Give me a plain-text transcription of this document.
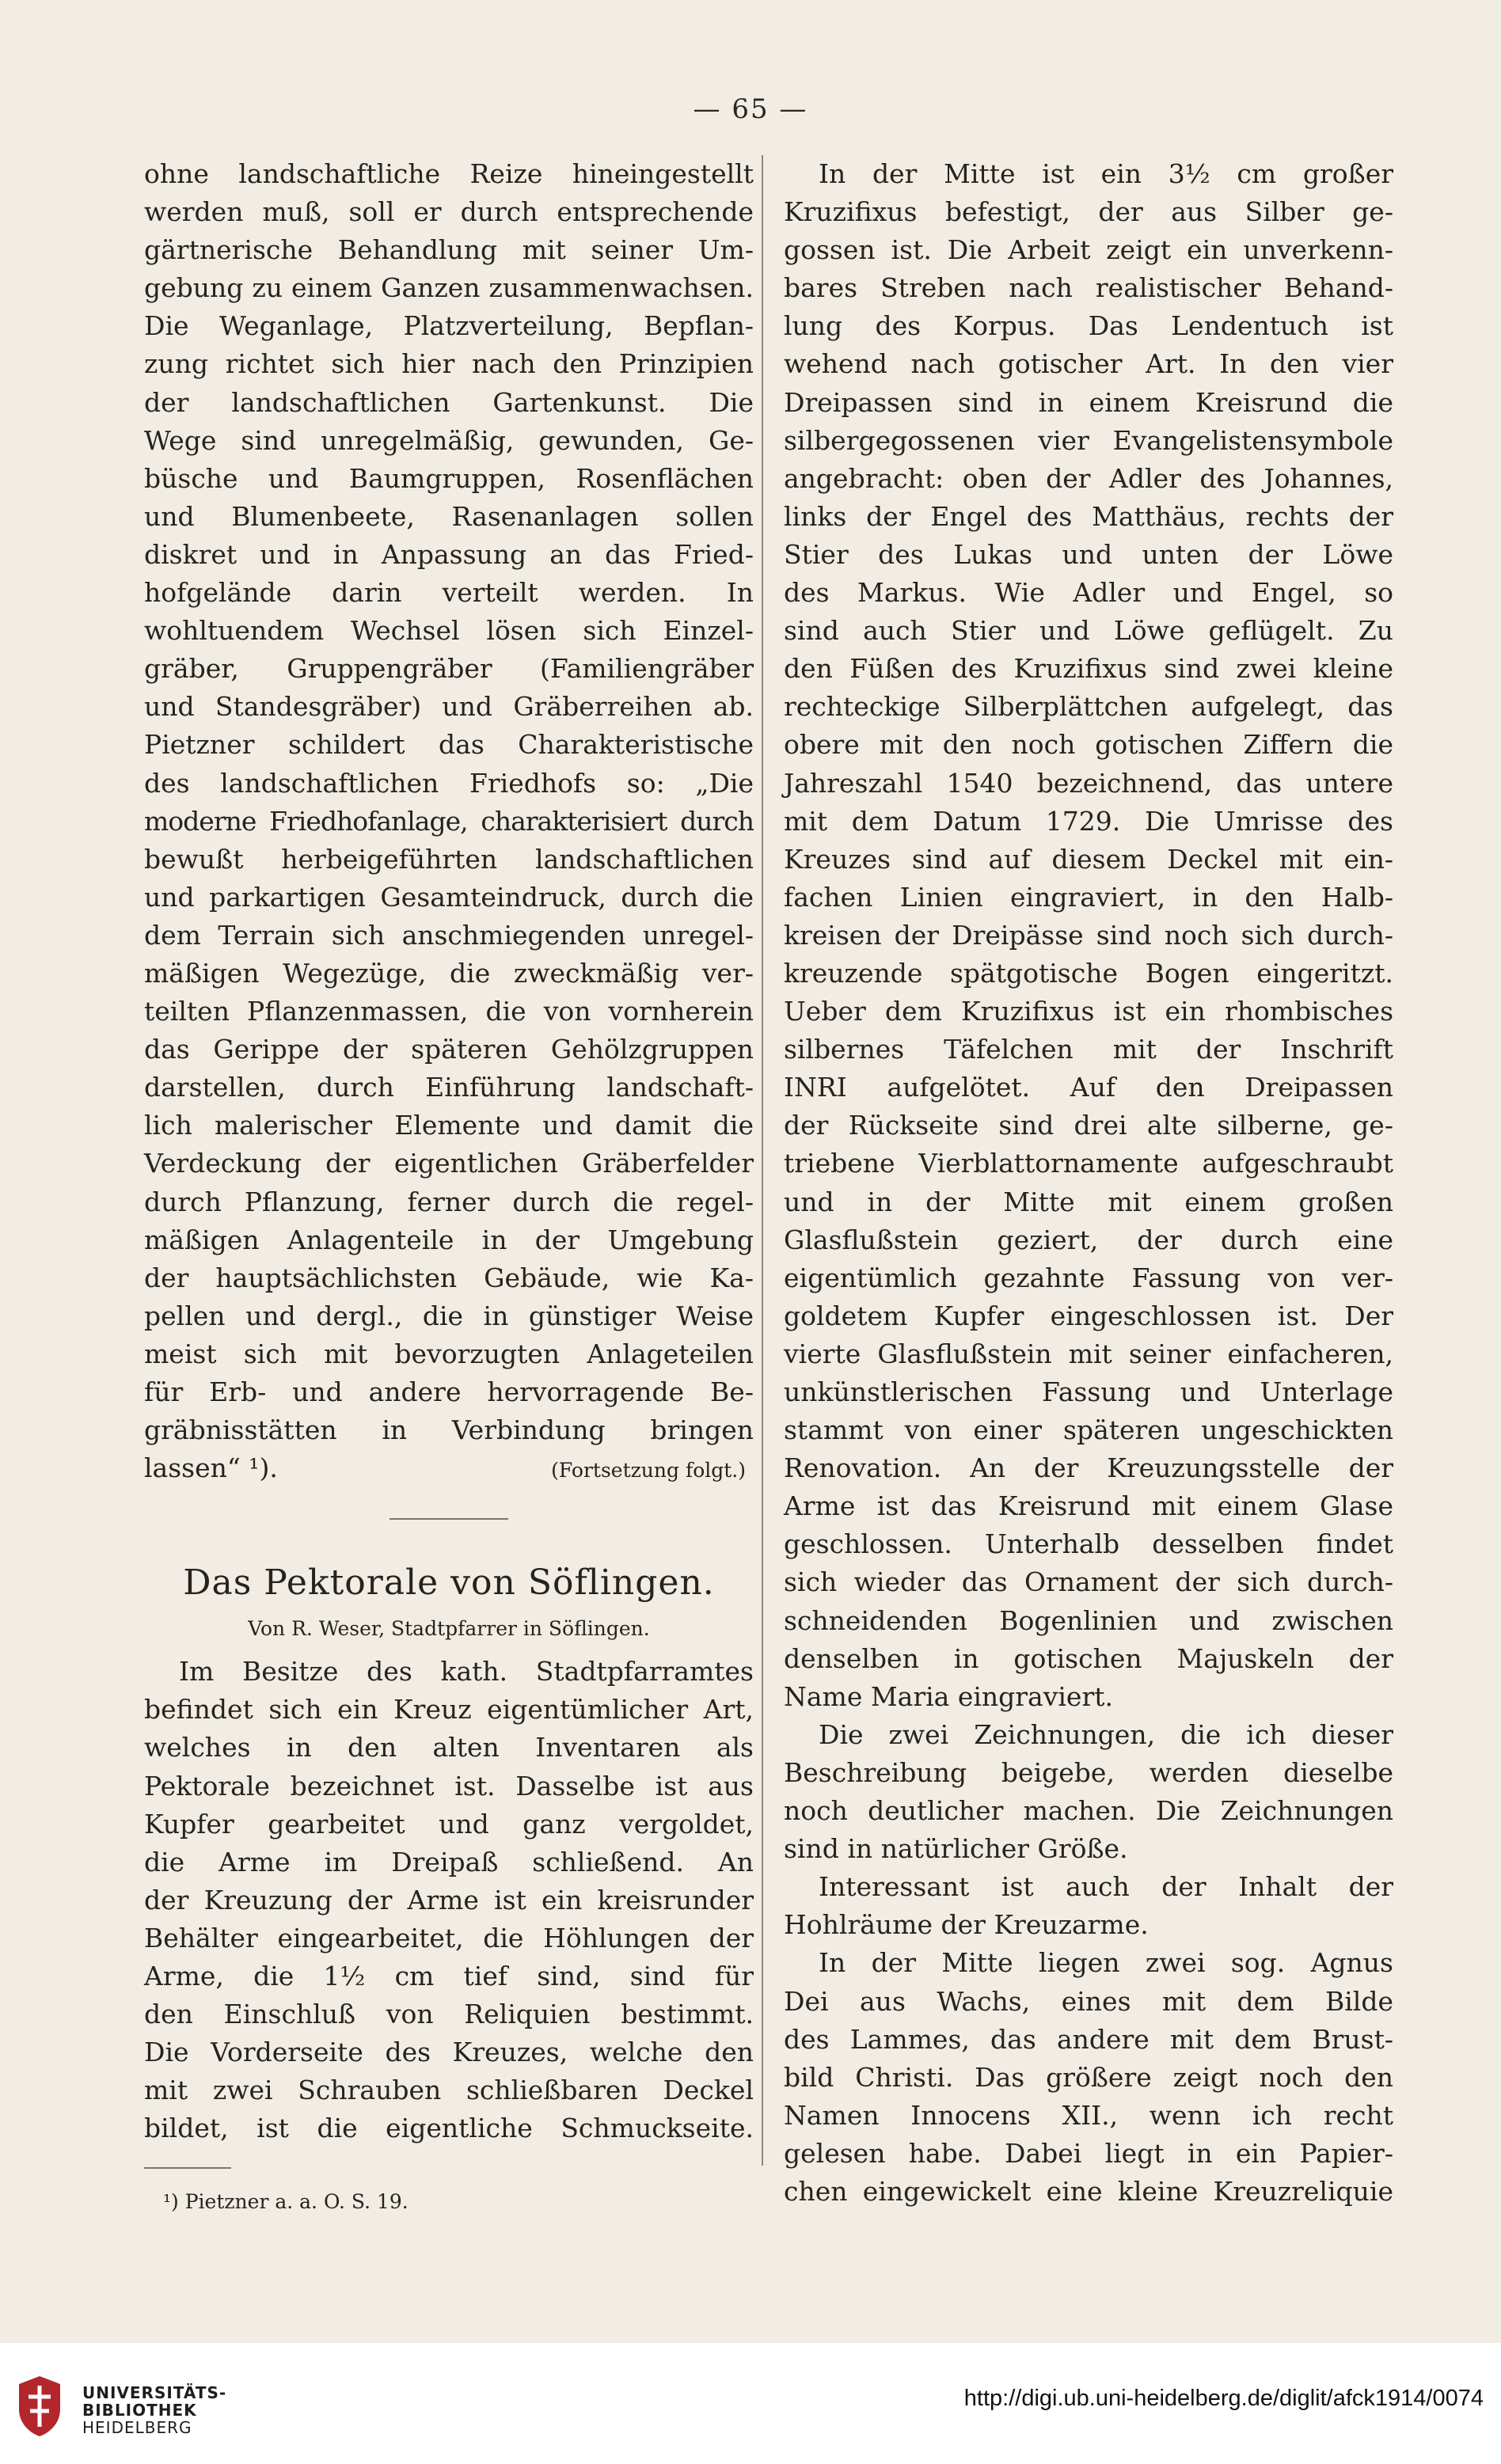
— 65 —
ohne landschaftliche Reize hineingestellt
werden muß, soll er durch entsprechende
gärtnerische Behandlung mit seiner Um-
gebung zu einem Ganzen zusammenwachsen.
Die Weganlage, Platzverteilung, Bepflan-
zung richtet sich hier nach den Prinzipien
der landschaftlichen Gartenkunst. Die
Wege sind unregelmäßig, gewunden, Ge-
büsche und Baumgruppen, Rosenflächen
und Blumenbeete, Rasenanlagen sollen
diskret und in Anpassung an das Fried-
hofgelände darin verteilt werden. In
wohltuendem Wechsel lösen sich Einzel-
gräber, Gruppengräber (Familiengräber
und Standesgräber) und Gräberreihen ab.
Pietzner schildert das Charakteristische
des landschaftlichen Friedhofs so: „Die
moderne Friedhofanlage, charakterisiert durch
bewußt herbeigeführten landschaftlichen
und parkartigen Gesamteindruck, durch die
dem Terrain sich anschmiegenden unregel-
mäßigen Wegezüge, die zweckmäßig ver-
teilten Pflanzenmassen, die von vornherein
das Gerippe der späteren Gehölzgruppen
darstellen, durch Einführung landschaft-
lich malerischer Elemente und damit die
Verdeckung der eigentlichen Gräberfelder
durch Pflanzung, ferner durch die regel-
mäßigen Anlagenteile in der Umgebung
der hauptsächlichsten Gebäude, wie Ka-
pellen und dergl., die in günstiger Weise
meist sich mit bevorzugten Anlageteilen
für Erb- und andere hervorragende Be-
gräbnisstätten in Verbindung bringen
lassen“ ¹).	(Fortsetzung folgt.)
Das Pektorale von Söflingen.
Von R. Weser, Stadtpfarrer in Söflingen.
Im Besitze des kath. Stadtpfarramtes
befindet sich ein Kreuz eigentümlicher Art,
welches in den alten Inventaren als
Pektorale bezeichnet ist. Dasselbe ist aus
Kupfer gearbeitet und ganz vergoldet,
die Arme im Dreipaß schließend. An
der Kreuzung der Arme ist ein kreisrunder
Behälter eingearbeitet, die Höhlungen der
Arme, die 1½ cm tief sind, sind für
den Einschluß von Reliquien bestimmt.
Die Vorderseite des Kreuzes, welche den
mit zwei Schrauben schließbaren Deckel
bildet, ist die eigentliche Schmuckseite.
¹) Pietzner a. a. O. S. 19.
In der Mitte ist ein 3½ cm großer
Kruzifixus befestigt, der aus Silber ge-
gossen ist. Die Arbeit zeigt ein unverkenn-
bares Streben nach realistischer Behand-
lung des Korpus. Das Lendentuch ist
wehend nach gotischer Art. In den vier
Dreipassen sind in einem Kreisrund die
silbergegossenen vier Evangelistensymbole
angebracht: oben der Adler des Johannes,
links der Engel des Matthäus, rechts der
Stier des Lukas und unten der Löwe
des Markus. Wie Adler und Engel, so
sind auch Stier und Löwe geflügelt. Zu
den Füßen des Kruzifixus sind zwei kleine
rechteckige Silberplättchen aufgelegt, das
obere mit den noch gotischen Ziffern die
Jahreszahl 1540 bezeichnend, das untere
mit dem Datum 1729. Die Umrisse des
Kreuzes sind auf diesem Deckel mit ein-
fachen Linien eingraviert, in den Halb-
kreisen der Dreipässe sind noch sich durch-
kreuzende spätgotische Bogen eingeritzt.
Ueber dem Kruzifixus ist ein rhombisches
silbernes Täfelchen mit der Inschrift
INRI aufgelötet. Auf den Dreipassen
der Rückseite sind drei alte silberne, ge-
triebene Vierblattornamente aufgeschraubt
und in der Mitte mit einem großen
Glasflußstein geziert, der durch eine
eigentümlich gezahnte Fassung von ver-
goldetem Kupfer eingeschlossen ist. Der
vierte Glasflußstein mit seiner einfacheren,
unkünstlerischen Fassung und Unterlage
stammt von einer späteren ungeschickten
Renovation. An der Kreuzungsstelle der
Arme ist das Kreisrund mit einem Glase
geschlossen. Unterhalb desselben findet
sich wieder das Ornament der sich durch-
schneidenden Bogenlinien und zwischen
denselben in gotischen Majuskeln der
Name Maria eingraviert.
Die zwei Zeichnungen, die ich dieser
Beschreibung beigebe, werden dieselbe
noch deutlicher machen. Die Zeichnungen
sind in natürlicher Größe.
Interessant ist auch der Inhalt der
Hohlräume der Kreuzarme.
In der Mitte liegen zwei sog. Agnus
Dei aus Wachs, eines mit dem Bilde
des Lammes, das andere mit dem Brust-
bild Christi. Das größere zeigt noch den
Namen Innocens XII., wenn ich recht
gelesen habe. Dabei liegt in ein Papier-
chen eingewickelt eine kleine Kreuzreliquie
UNIVERSITÄTS-
BIBLIOTHEK
HEIDELBERG
http://digi.ub.uni-heidelberg.de/diglit/afck1914/0074
